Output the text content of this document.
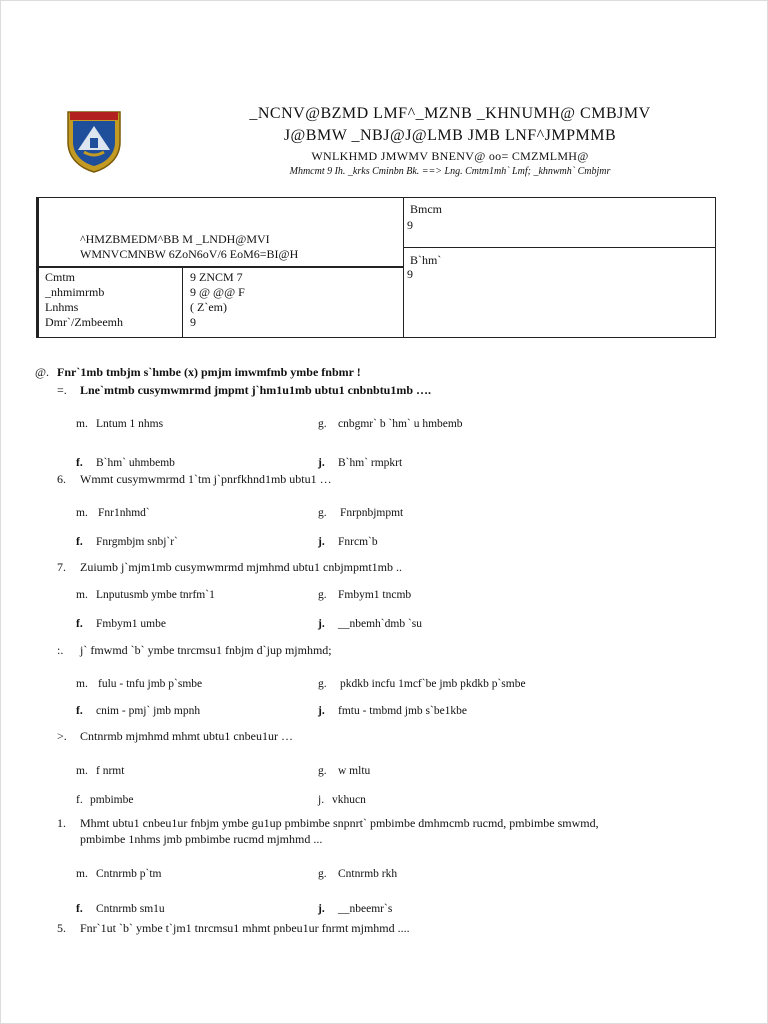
_NCNV@BZMD LMF^_MZNB _KHNUMH@ CMBJMV
J@BMW _NBJ@J@LMB JMB LNF^JMPMMB
WNLKHMD JMWMV BNENV@ oo= CMZMLMH@
Mhmcmt 9 Ih. _krks Cminbn Bk. ==> Lng. Cmtm1mh` Lmf; _khnwmh` Cmbjmr
^HMZBMEDM^BB M _LNDH@MVI
WMNVCMNBW 6ZoN6oV/6 EoM6=BI@H
Cmtm	9 ZNCM 7
_nhmimrmb	9 @ @@ F
Lnhms	( Z`em)
Dmr`/Zmbeemh	9
Bmcm
9
B`hm`
9
@. Fnr`1mb tmbjm s`hmbe (x) pmjm imwmfmb ymbe fnbmr !
=. Lne`mtmb cusymwmrmd jmpmt j`hm1u1mb ubtu1 cnbnbtu1mb ….
m. Lntum 1 nhms	g. cnbgmr` b `hm` u hmbemb
f. B`hm` uhmbemb	j. B`hm` rmpkrt
6. Wmmt cusymwmrmd 1`tm j`pnrfkhnd1mb ubtu1 …
m. Fnr1nhmd`	g. Fnrpnbjmpmt
f. Fnrgmbjm snbj`r`	j. Fnrcm`b
7. Zuiumb j`mjm1mb cusymwmrmd mjmhmd ubtu1 cnbjmpmt1mb ..
m. Lnputusmb ymbe tnrfm`1	g. Fmbym1 tncmb
f. Fmbym1 umbe	j. __nbemh`dmb `su
:. j` fmwmd `b` ymbe tnrcmsu1 fnbjm d`jup mjmhmd;
m. fulu - tnfu jmb p`smbe	g. pkdkb incfu 1mcf`be jmb pkdkb p`smbe
f. cnim - pmj` jmb mpnh	j. fmtu - tmbmd jmb s`be1kbe
>. Cntnrmb mjmhmd mhmt ubtu1 cnbeu1ur …
m. f nrmt	g. w mltu
f. pmbimbe	j. vkhucn
1. Mhmt ubtu1 cnbeu1ur fnbjm ymbe gu1up pmbimbe snpnrt` pmbimbe dmhmcmb rucmd, pmbimbe smwmd,
pmbimbe 1nhms jmb pmbimbe rucmd mjmhmd ...
m. Cntnrmb p`tm	g. Cntnrmb rkh
f. Cntnrmb sm1u	j. __nbeemr`s
5. Fnr`1ut `b` ymbe t`jm1 tnrcmsu1 mhmt pnbeu1ur fnrmt mjmhmd ....
